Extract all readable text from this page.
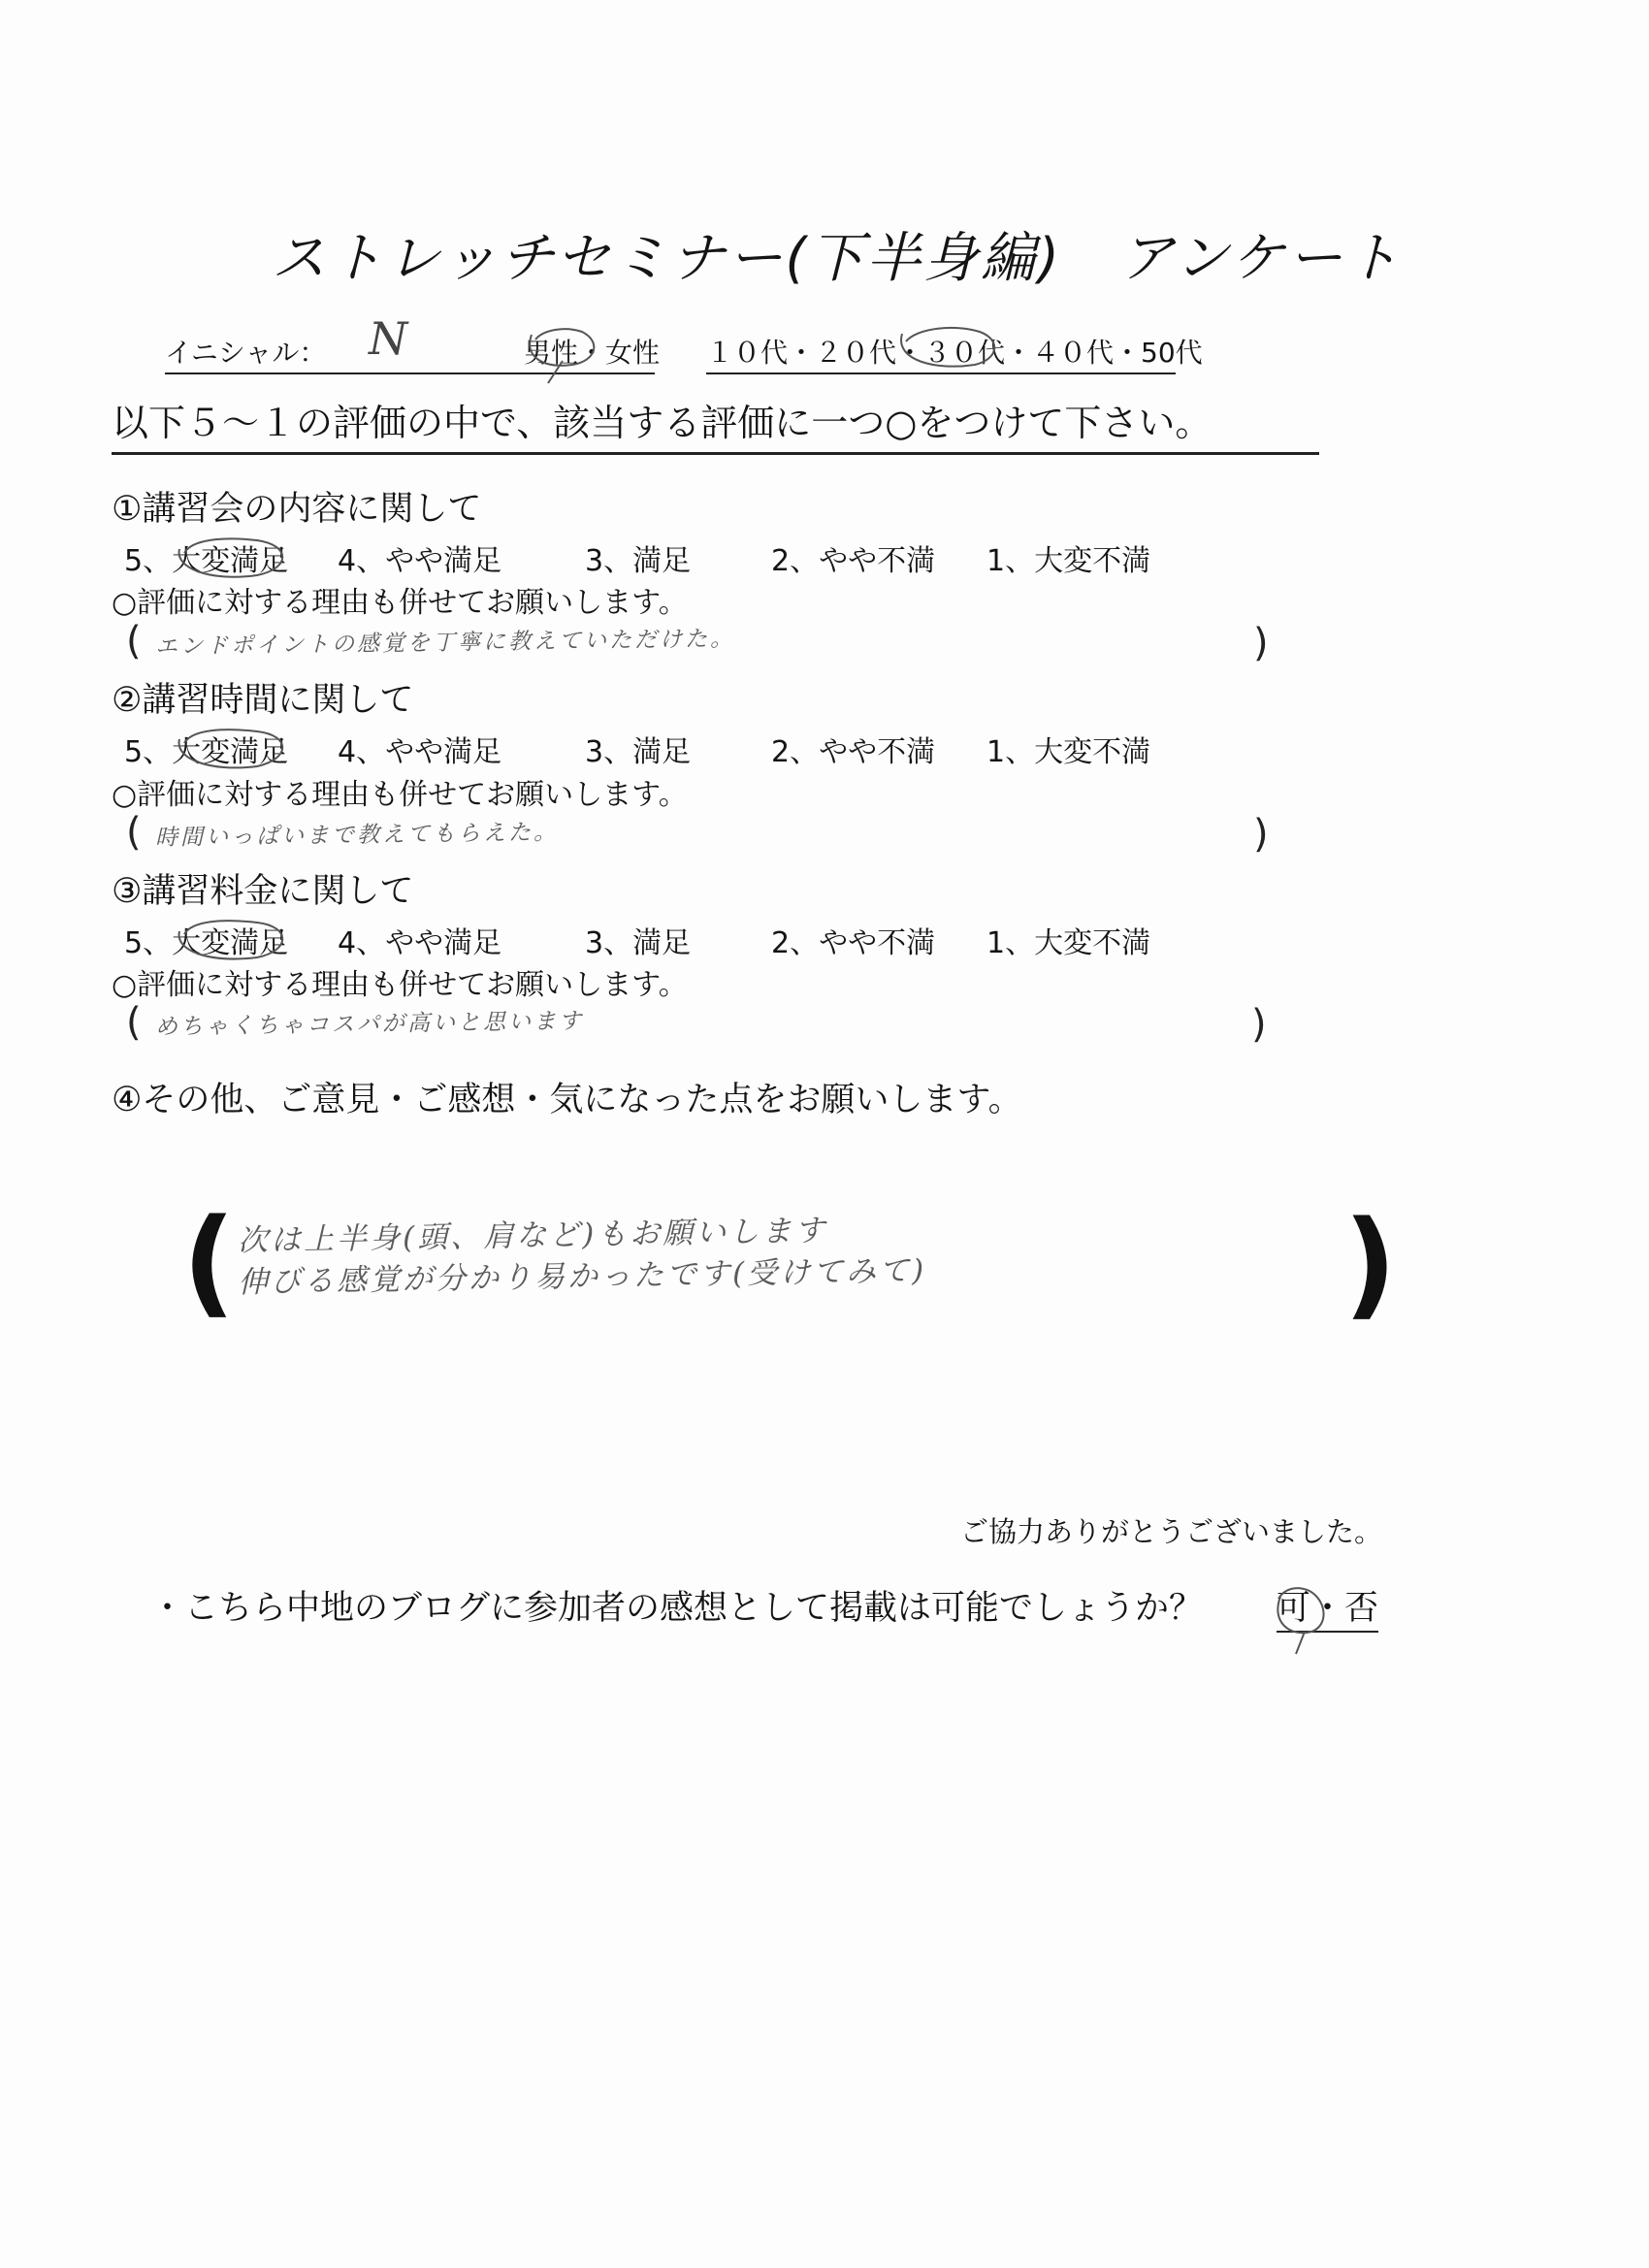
ストレッチセミナー(下半身編)　アンケート
イニシャル： N	男性・女性 １０代・２０代・３０代・４０代・50代
以下５～１の評価の中で、該当する評価に一つ○をつけて下さい。
①講習会の内容に関して
5、大変満足 4、やや満足	3、満足	2、やや不満 1、大変不満
○評価に対する理由も併せてお願いします。
( エンドポイントの感覚を丁寧に教えていただけた。	)
②講習時間に関して
5、大変満足 4、やや満足	3、満足	2、やや不満 1、大変不満
○評価に対する理由も併せてお願いします。
( 時間いっぱいまで教えてもらえた。	)
③講習料金に関して
5、大変満足 4、やや満足	3、満足	2、やや不満 1、大変不満
○評価に対する理由も併せてお願いします。
( めちゃくちゃコスパが高いと思います	)
④その他、ご意見・ご感想・気になった点をお願いします。
( 次は上半身(頭、肩など)もお願いします
伸びる感覚が分かり易かったです(受けてみて)	)
ご協力ありがとうございました。
・こちら中地のブログに参加者の感想として掲載は可能でしょうか？ 可・否
